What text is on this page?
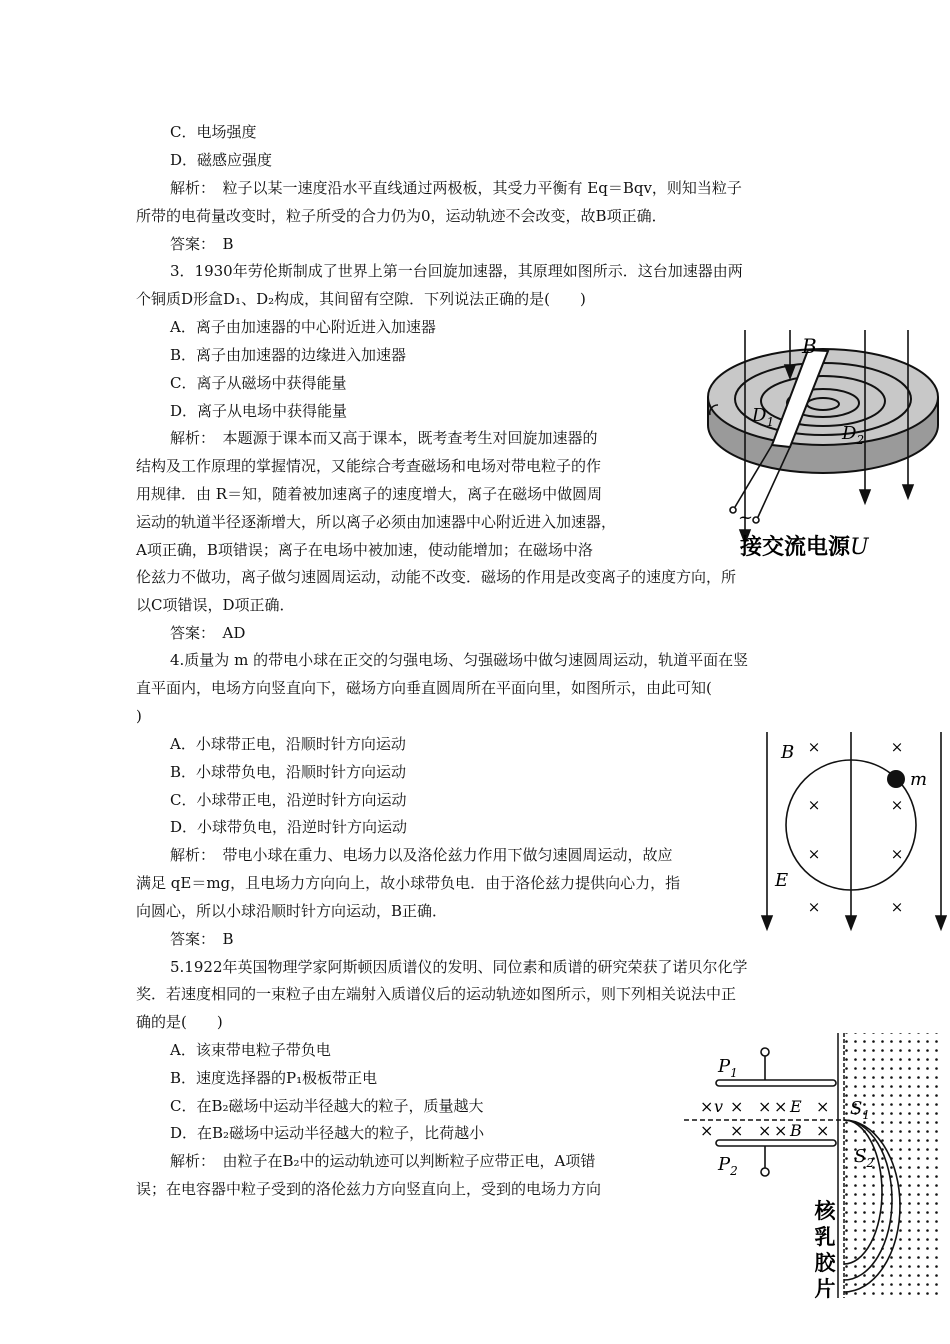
C．电场强度
D．磁感应强度
解析：　粒子以某一速度沿水平直线通过两极板，其受力平衡有 Eq＝Bqv，则知当粒子
所带的电荷量改变时，粒子所受的合力仍为0，运动轨迹不会改变，故B项正确．
答案：　B
3．1930年劳伦斯制成了世界上第一台回旋加速器，其原理如图所示．这台加速器由两
个铜质D形盒D₁、D₂构成，其间留有空隙．下列说法正确的是(　　)
A．离子由加速器的中心附近进入加速器
B．离子由加速器的边缘进入加速器
C．离子从磁场中获得能量
D．离子从电场中获得能量
解析：　本题源于课本而又高于课本，既考查考生对回旋加速器的
结构及工作原理的掌握情况，又能综合考查磁场和电场对带电粒子的作
用规律．由 R＝知，随着被加速离子的速度增大，离子在磁场中做圆周
运动的轨道半径逐渐增大，所以离子必须由加速器中心附近进入加速器，
A项正确，B项错误；离子在电场中被加速，使动能增加；在磁场中洛
伦兹力不做功，离子做匀速圆周运动，动能不改变．磁场的作用是改变离子的速度方向，所
以C项错误，D项正确．
答案：　AD
4.质量为 m 的带电小球在正交的匀强电场、匀强磁场中做匀速圆周运动，轨道平面在竖
直平面内，电场方向竖直向下，磁场方向垂直圆周所在平面向里，如图所示，由此可知(
)
A．小球带正电，沿顺时针方向运动
B．小球带负电，沿顺时针方向运动
C．小球带正电，沿逆时针方向运动
D．小球带负电，沿逆时针方向运动
解析：　带电小球在重力、电场力以及洛伦兹力作用下做匀速圆周运动，故应
满足 qE＝mg，且电场力方向向上，故小球带负电．由于洛伦兹力提供向心力，指
向圆心，所以小球沿顺时针方向运动，B正确．
答案：　B
5.1922年英国物理学家阿斯顿因质谱仪的发明、同位素和质谱的研究荣获了诺贝尔化学
奖．若速度相同的一束粒子由左端射入质谱仪后的运动轨迹如图所示，则下列相关说法中正
确的是(　　)
A．该束带电粒子带负电
B．速度选择器的P₁极板带正电
C．在B₂磁场中运动半径越大的粒子，质量越大
D．在B₂磁场中运动半径越大的粒子，比荷越小
解析：　由粒子在B₂中的运动轨迹可以判断粒子应带正电，A项错
误；在电容器中粒子受到的洛伦兹力方向竖直向上，受到的电场力方向
B
$D_1$
$D_2$
~
接交流电源U
×	×
×	×
×	×
×	×
B
E
m
$P_1$
$P_2$
× v × × × E ×
× × × × B ×
$S_1$
$S_2$
核
乳
胶
片
